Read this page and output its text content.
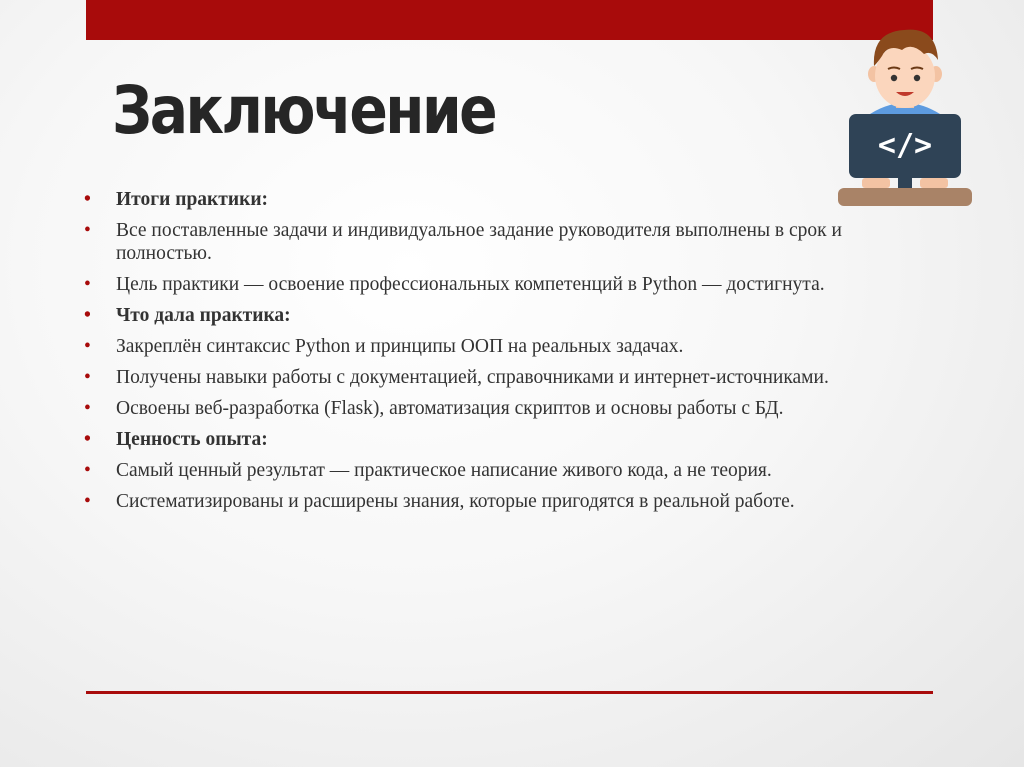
Заключение	</>
• Итоги практики:
• Все поставленные задачи и индивидуальное задание руководителя выполнены в срок и полностью.
• Цель практики — освоение профессиональных компетенций в Python — достигнута.
• Что дала практика:
• Закреплён синтаксис Python и принципы ООП на реальных задачах.
• Получены навыки работы с документацией, справочниками и интернет-источниками.
• Освоены веб-разработка (Flask), автоматизация скриптов и основы работы с БД.
• Ценность опыта:
• Самый ценный результат — практическое написание живого кода, а не теория.
• Систематизированы и расширены знания, которые пригодятся в реальной работе.
